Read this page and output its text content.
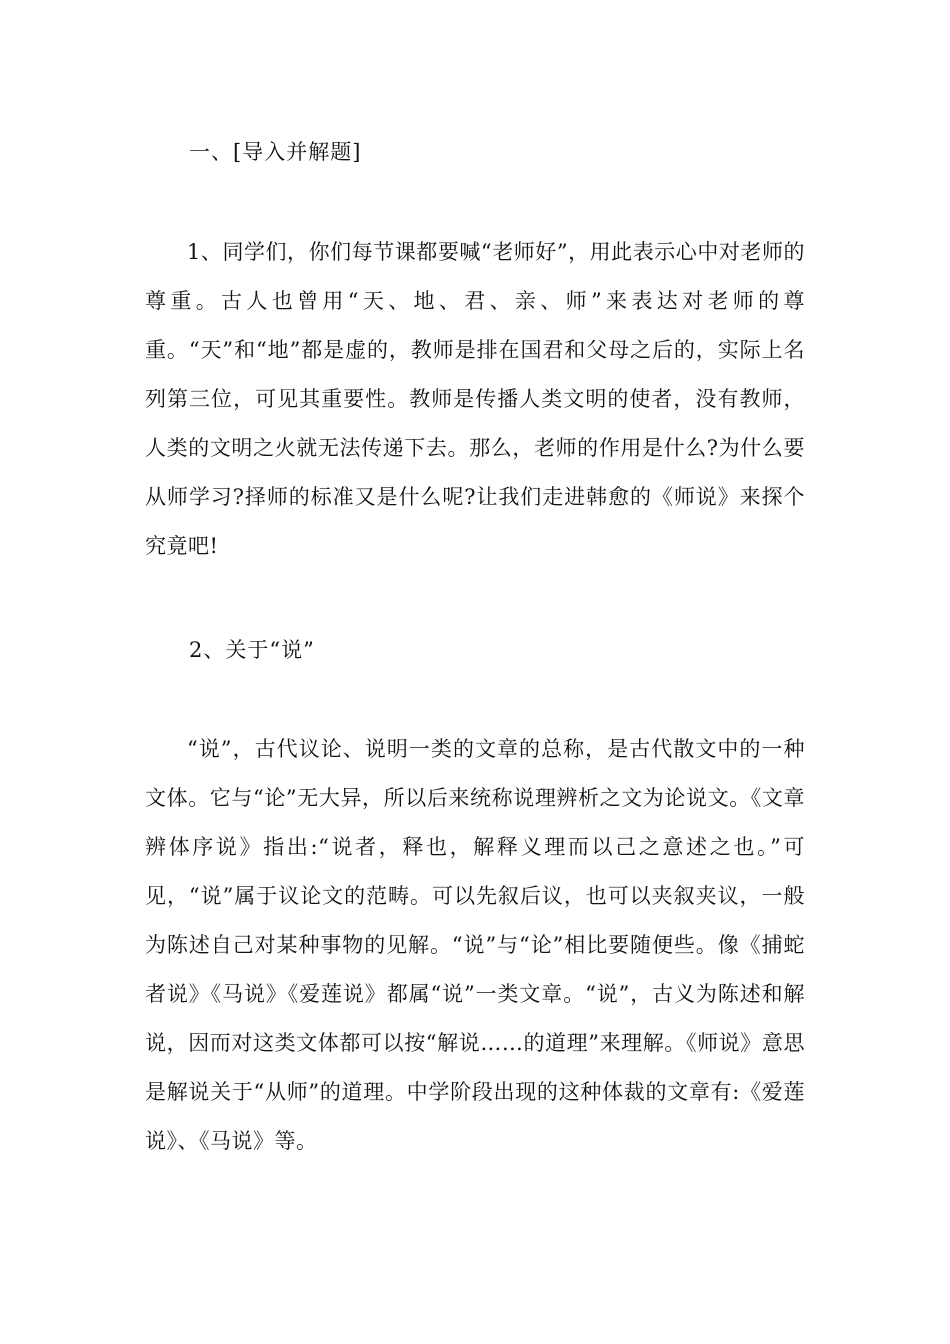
一、[导入并解题]
1、同学们，你们每节课都要喊“老师好”，用此表示心中对老师的尊重。古人也曾用“天、地、君、亲、师”来表达对老师的尊重。“天”和“地”都是虚的，教师是排在国君和父母之后的，实际上名列第三位，可见其重要性。教师是传播人类文明的使者，没有教师，人类的文明之火就无法传递下去。那么，老师的作用是什么?为什么要从师学习?择师的标准又是什么呢?让我们走进韩愈的《师说》来探个究竟吧!
2、关于“说”
“说”，古代议论、说明一类的文章的总称，是古代散文中的一种文体。它与“论”无大异，所以后来统称说理辨析之文为论说文。《文章辨体序说》指出:“说者，释也，解释义理而以己之意述之也。”可见，“说”属于议论文的范畴。可以先叙后议，也可以夹叙夹议，一般为陈述自己对某种事物的见解。“说”与“论”相比要随便些。像《捕蛇者说》《马说》《爱莲说》都属“说”一类文章。“说”，古义为陈述和解说，因而对这类文体都可以按“解说……的道理”来理解。《师说》意思是解说关于“从师”的道理。中学阶段出现的这种体裁的文章有:《爱莲说》、《马说》等。
